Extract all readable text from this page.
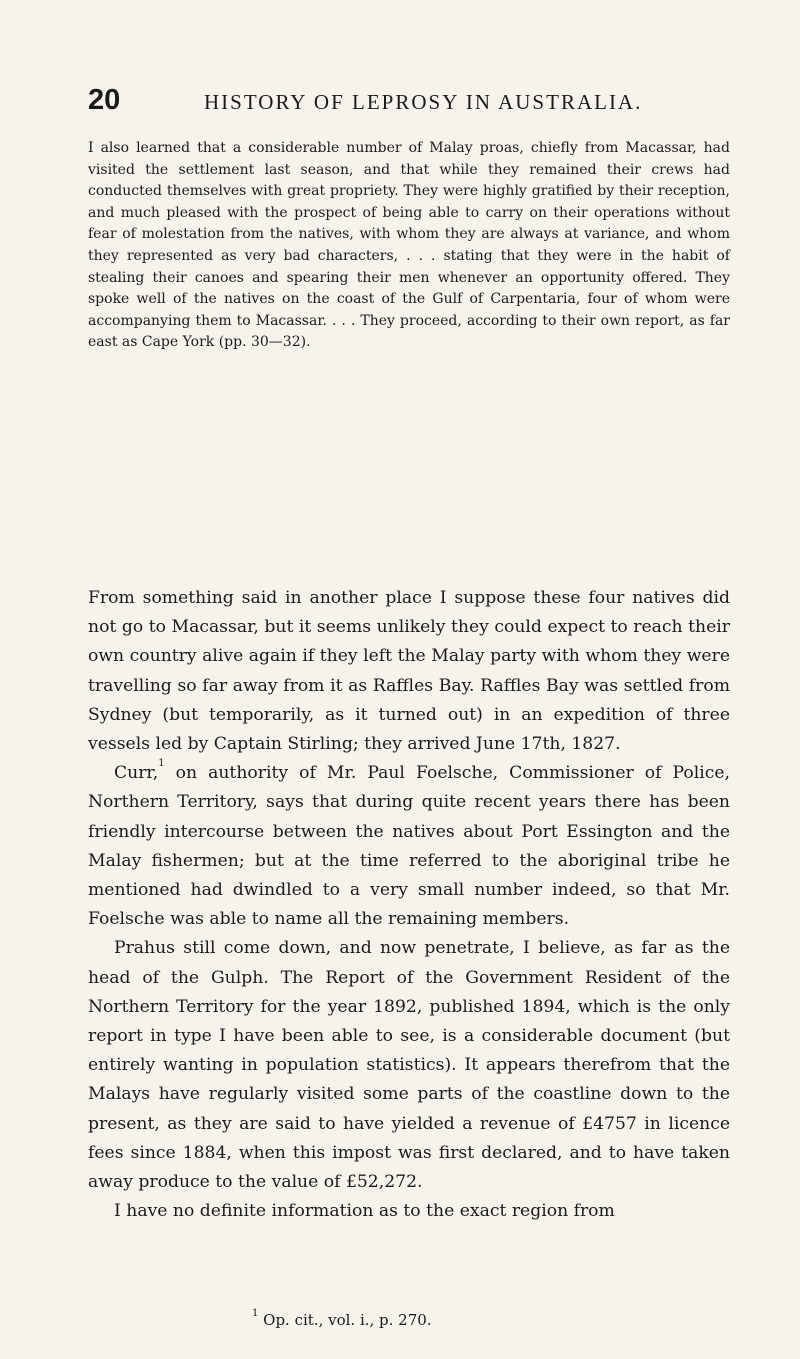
20	HISTORY OF LEPROSY IN AUSTRALIA.

I also learned that a considerable number of Malay proas, chiefly from Macassar, had visited the settlement last season, and that while they remained their crews had conducted themselves with great propriety. They were highly gratified by their reception, and much pleased with the prospect of being able to carry on their operations without fear of molestation from the natives, with whom they are always at variance, and whom they represented as very bad characters, . . . stating that they were in the habit of stealing their canoes and spearing their men whenever an opportunity offered. They spoke well of the natives on the coast of the Gulf of Carpentaria, four of whom were accompanying them to Macassar. . . . They proceed, according to their own report, as far east as Cape York (pp. 30—32).

From something said in another place I suppose these four natives did not go to Macassar, but it seems unlikely they could expect to reach their own country alive again if they left the Malay party with whom they were travelling so far away from it as Raffles Bay. Raffles Bay was settled from Sydney (but temporarily, as it turned out) in an expedition of three vessels led by Captain Stirling; they arrived June 17th, 1827.

Curr,$^1$ on authority of Mr. Paul Foelsche, Commissioner of Police, Northern Territory, says that during quite recent years there has been friendly intercourse between the natives about Port Essington and the Malay fishermen; but at the time referred to the aboriginal tribe he mentioned had dwindled to a very small number indeed, so that Mr. Foelsche was able to name all the remaining members.

Prahus still come down, and now penetrate, I believe, as far as the head of the Gulph. The Report of the Government Resident of the Northern Territory for the year 1892, published 1894, which is the only report in type I have been able to see, is a considerable document (but entirely wanting in population statistics). It appears therefrom that the Malays have regularly visited some parts of the coastline down to the present, as they are said to have yielded a revenue of £4757 in licence fees since 1884, when this impost was first declared, and to have taken away produce to the value of £52,272.

I have no definite information as to the exact region from

$^1$ Op. cit., vol. i., p. 270.
